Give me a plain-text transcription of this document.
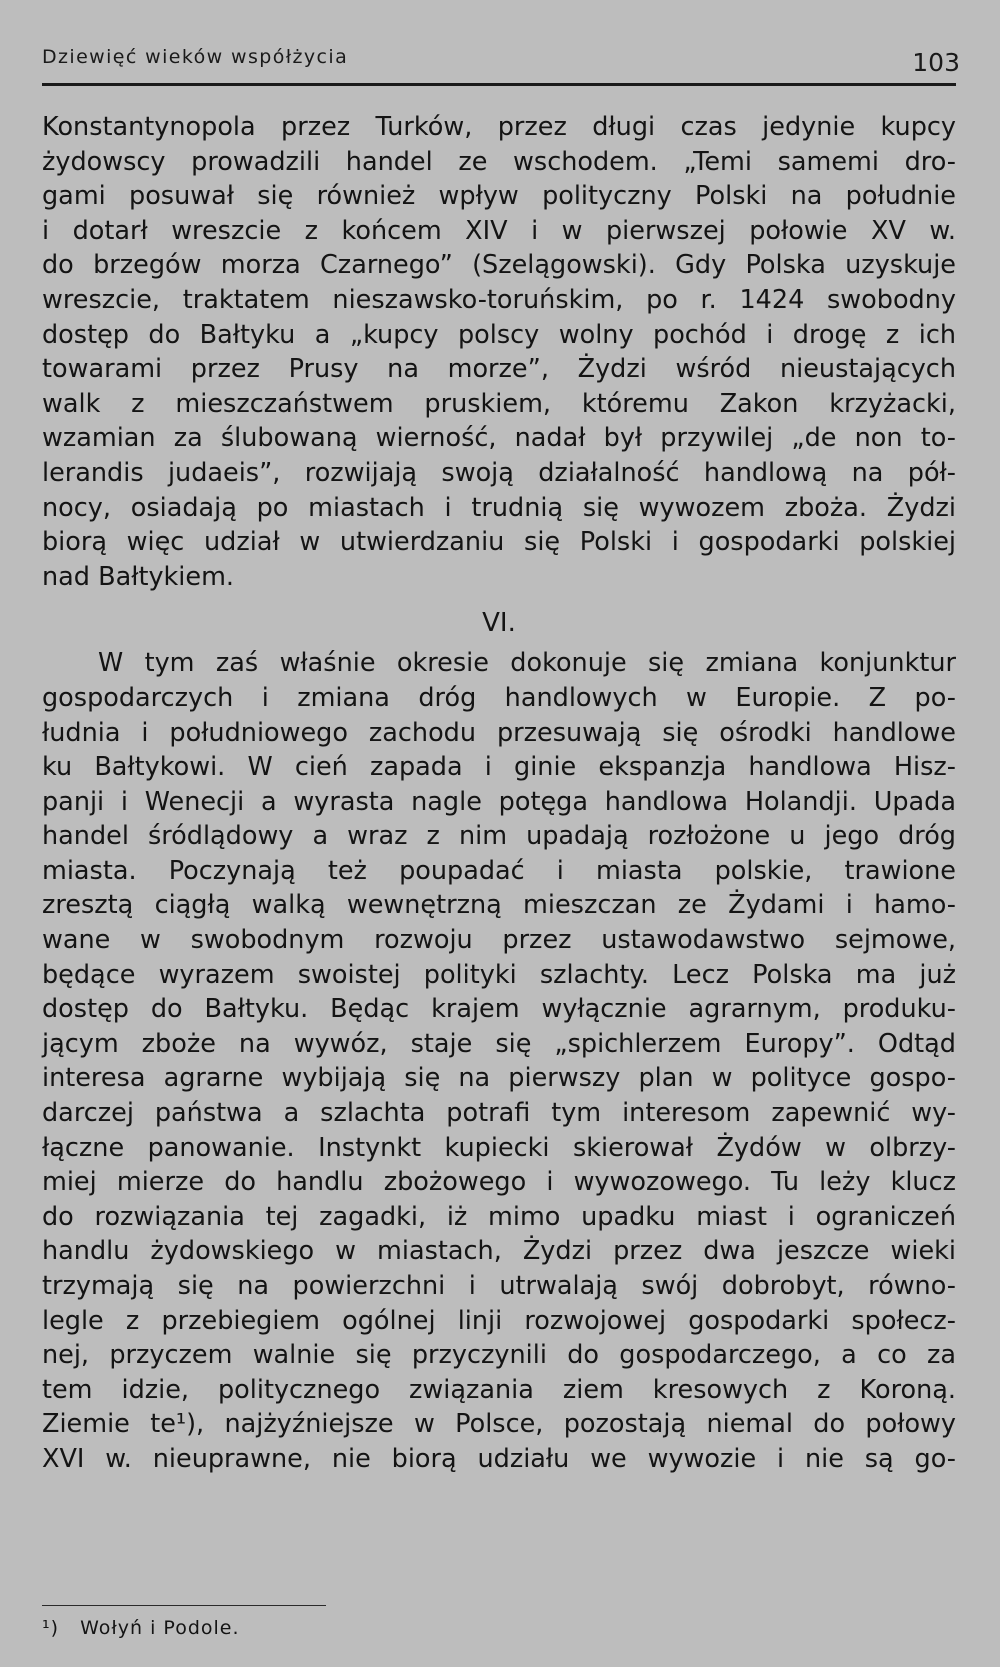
Dziewięć wieków współżycia	103
Konstantynopola przez Turków, przez długi czas jedynie kupcy
żydowscy prowadzili handel ze wschodem. „Temi samemi dro-
gami posuwał się również wpływ polityczny Polski na południe
i dotarł wreszcie z końcem XIV i w pierwszej połowie XV w.
do brzegów morza Czarnego” (Szelągowski). Gdy Polska uzyskuje
wreszcie, traktatem nieszawsko-toruńskim, po r. 1424 swobodny
dostęp do Bałtyku a „kupcy polscy wolny pochód i drogę z ich
towarami przez Prusy na morze”, Żydzi wśród nieustających
walk z mieszczaństwem pruskiem, któremu Zakon krzyżacki,
wzamian za ślubowaną wierność, nadał był przywilej „de non to-
lerandis judaeis”, rozwijają swoją działalność handlową na pół-
nocy, osiadają po miastach i trudnią się wywozem zboża. Żydzi
biorą więc udział w utwierdzaniu się Polski i gospodarki polskiej
nad Bałtykiem.
VI.
W tym zaś właśnie okresie dokonuje się zmiana konjunktur
gospodarczych i zmiana dróg handlowych w Europie. Z po-
łudnia i południowego zachodu przesuwają się ośrodki handlowe
ku Bałtykowi. W cień zapada i ginie ekspanzja handlowa Hisz-
panji i Wenecji a wyrasta nagle potęga handlowa Holandji. Upada
handel śródlądowy a wraz z nim upadają rozłożone u jego dróg
miasta. Poczynają też poupadać i miasta polskie, trawione
zresztą ciągłą walką wewnętrzną mieszczan ze Żydami i hamo-
wane w swobodnym rozwoju przez ustawodawstwo sejmowe,
będące wyrazem swoistej polityki szlachty. Lecz Polska ma już
dostęp do Bałtyku. Będąc krajem wyłącznie agrarnym, produku-
jącym zboże na wywóz, staje się „spichlerzem Europy”. Odtąd
interesa agrarne wybijają się na pierwszy plan w polityce gospo-
darczej państwa a szlachta potrafi tym interesom zapewnić wy-
łączne panowanie. Instynkt kupiecki skierował Żydów w olbrzy-
miej mierze do handlu zbożowego i wywozowego. Tu leży klucz
do rozwiązania tej zagadki, iż mimo upadku miast i ograniczeń
handlu żydowskiego w miastach, Żydzi przez dwa jeszcze wieki
trzymają się na powierzchni i utrwalają swój dobrobyt, równo-
legle z przebiegiem ogólnej linji rozwojowej gospodarki społecz-
nej, przyczem walnie się przyczynili do gospodarczego, a co za
tem idzie, politycznego związania ziem kresowych z Koroną.
Ziemie te¹), najżyźniejsze w Polsce, pozostają niemal do połowy
XVI w. nieuprawne, nie biorą udziału we wywozie i nie są go-
¹) Wołyń i Podole.
